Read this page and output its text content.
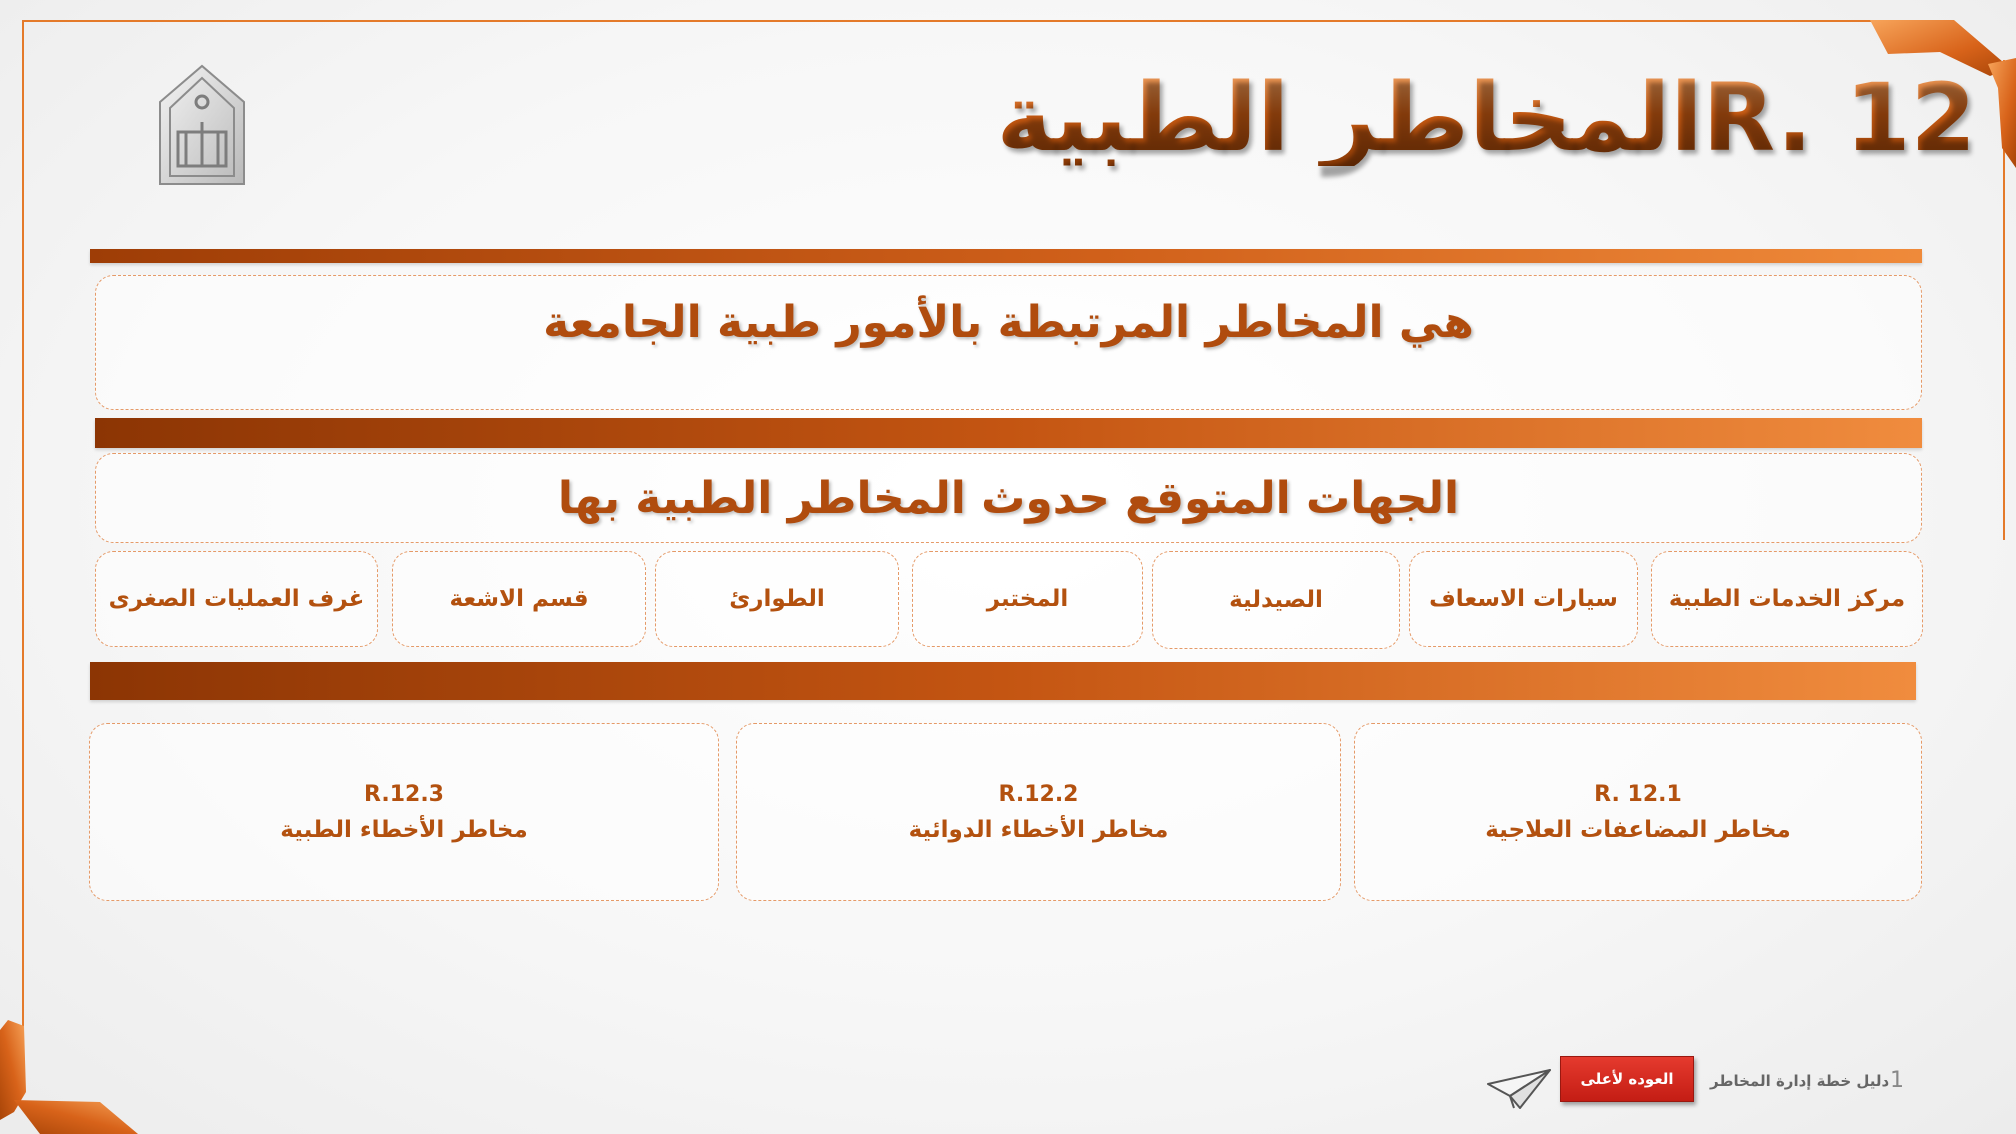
R. 12المخاطر الطبية
هي المخاطر المرتبطة بالأمور طبية الجامعة
الجهات المتوقع حدوث المخاطر الطبية بها
مركز الخدمات الطبية
سيارات الاسعاف
الصيدلية
المختبر
الطوارئ
قسم الاشعة
غرف العمليات الصغرى
R. 12.1
مخاطر المضاعفات العلاجية
R.12.2
مخاطر الأخطاء الدوائية
R.12.3
مخاطر الأخطاء الطبية
1
دليل خطة إدارة المخاطر
العوده لأعلى
